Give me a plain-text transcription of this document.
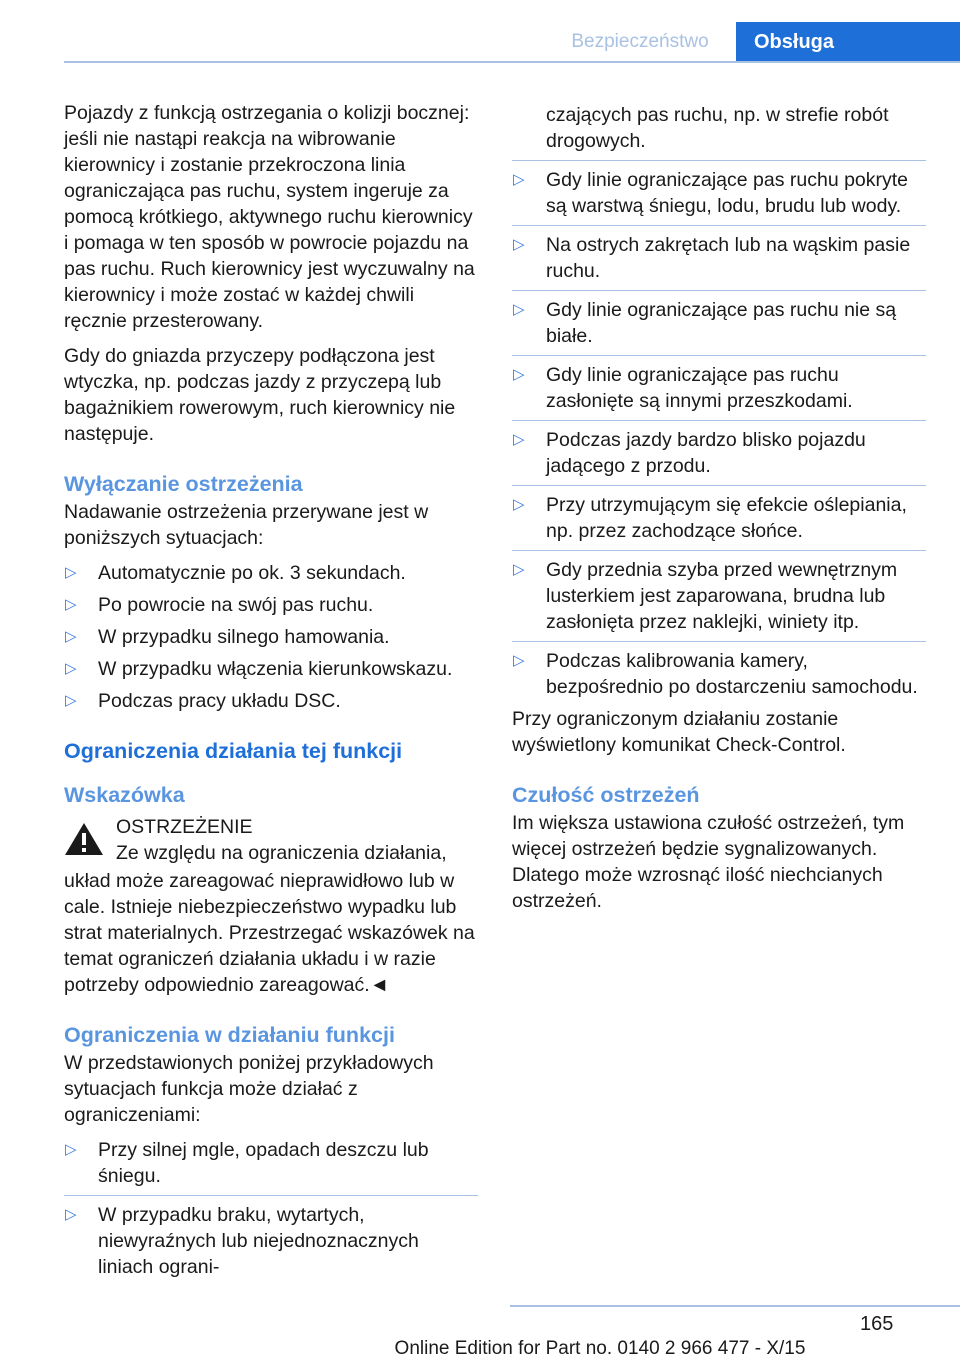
Bezpieczeństwo	Obsługa

Pojazdy z funkcją ostrzegania o kolizji bocznej: jeśli nie nastąpi reakcja na wibrowanie kierownicy i zostanie przekroczona linia ograniczająca pas ruchu, system ingeruje za pomocą krótkiego, aktywnego ruchu kierownicy i pomaga w ten sposób w powrocie pojazdu na pas ruchu. Ruch kierownicy jest wyczuwalny na kierownicy i może zostać w każdej chwili ręcznie przesterowany.

Gdy do gniazda przyczepy podłączona jest wtyczka, np. podczas jazdy z przyczepą lub bagażnikiem rowerowym, ruch kierownicy nie następuje.

Wyłączanie ostrzeżenia

Nadawanie ostrzeżenia przerywane jest w poniższych sytuacjach:

▷ Automatycznie po ok. 3 sekundach.
▷ Po powrocie na swój pas ruchu.
▷ W przypadku silnego hamowania.
▷ W przypadku włączenia kierunkowskazu.
▷ Podczas pracy układu DSC.
Ograniczenia działania tej funkcji
Wskazówka
OSTRZEŻENIE
Ze względu na ograniczenia działania,

układ może zareagować nieprawidłowo lub w cale. Istnieje niebezpieczeństwo wypadku lub strat materialnych. Przestrzegać wskazówek na temat ograniczeń działania układu i w razie potrzeby odpowiednio zareagować.◄

Ograniczenia w działaniu funkcji

W przedstawionych poniżej przykładowych sytuacjach funkcja może działać z ograniczeniami:

▷ Przy silnej mgle, opadach deszczu lub śniegu.
▷ W przypadku braku, wytartych, niewyraźnych lub niejednoznacznych liniach ograni-
czających pas ruchu, np. w strefie robót drogowych.
▷ Gdy linie ograniczające pas ruchu pokryte są warstwą śniegu, lodu, brudu lub wody.
▷ Na ostrych zakrętach lub na wąskim pasie ruchu.
▷ Gdy linie ograniczające pas ruchu nie są białe.
▷ Gdy linie ograniczające pas ruchu zasłonięte są innymi przeszkodami.
▷ Podczas jazdy bardzo blisko pojazdu jadącego z przodu.
▷ Przy utrzymującym się efekcie oślepiania, np. przez zachodzące słońce.
▷ Gdy przednia szyba przed wewnętrznym lusterkiem jest zaparowana, brudna lub zasłonięta przez naklejki, winiety itp.
▷ Podczas kalibrowania kamery, bezpośrednio po dostarczeniu samochodu.

Przy ograniczonym działaniu zostanie wyświetlony komunikat Check-Control.

Czułość ostrzeżeń

Im większa ustawiona czułość ostrzeżeń, tym więcej ostrzeżeń będzie sygnalizowanych. Dlatego może wzrosnąć ilość niechcianych ostrzeżeń.

165
Online Edition for Part no. 0140 2 966 477 - X/15
